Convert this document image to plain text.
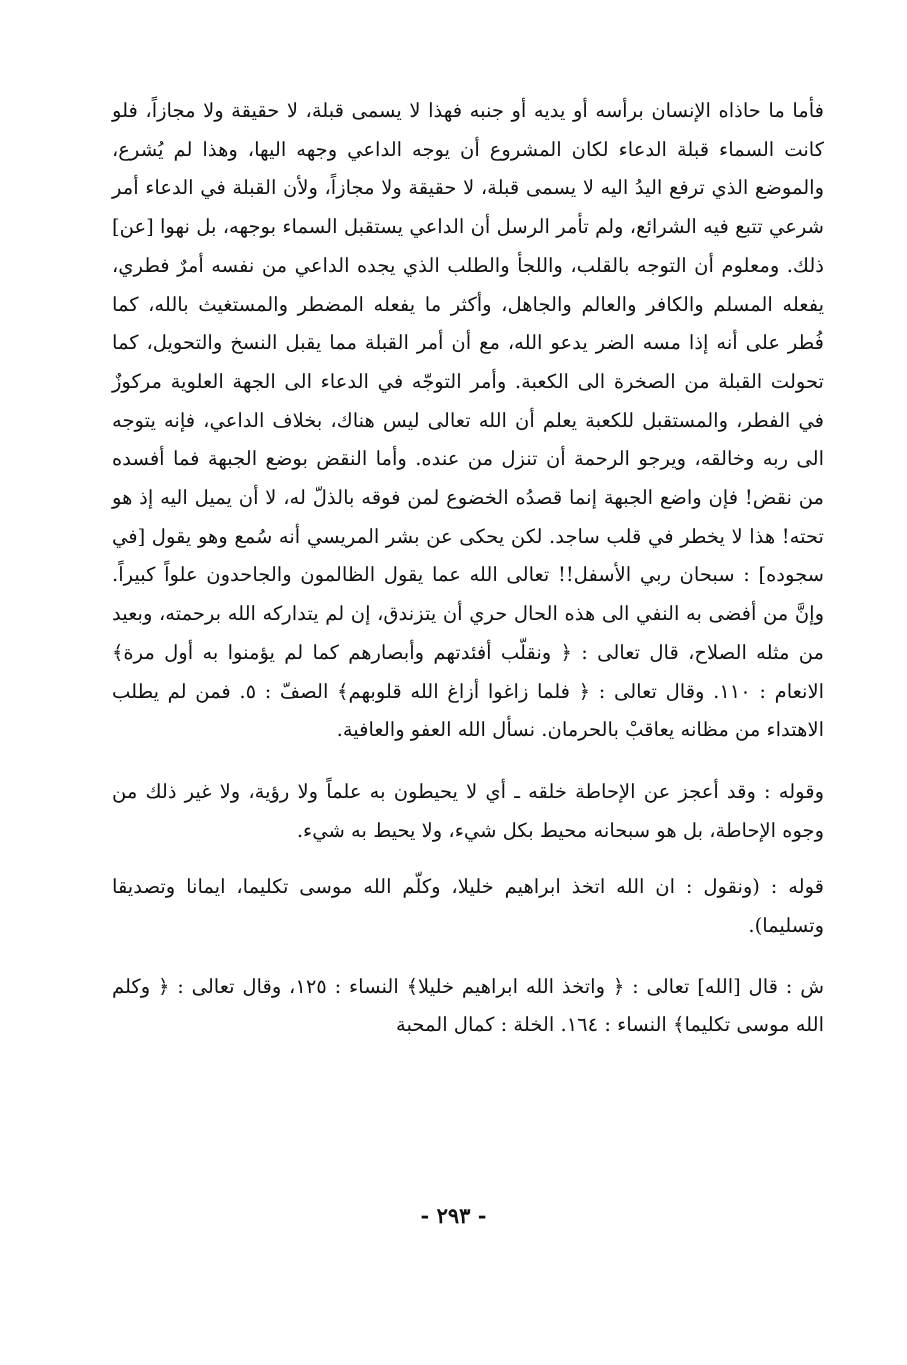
فأما ما حاذاه الإنسان برأسه أو يديه أو جنبه فهذا لا يسمى قبلة، لا حقيقة ولا مجازاً، فلو كانت السماء قبلة الدعاء لكان المشروع أن يوجه الداعي وجهه اليها، وهذا لم يُشرع، والموضع الذي ترفع اليدُ اليه لا يسمى قبلة، لا حقيقة ولا مجازاً، ولأن القبلة في الدعاء أمر شرعي تتبع فيه الشرائع، ولم تأمر الرسل أن الداعي يستقبل السماء بوجهه، بل نهوا [عن] ذلك. ومعلوم أن التوجه بالقلب، واللجأ والطلب الذي يجده الداعي من نفسه أمرٌ فطري، يفعله المسلم والكافر والعالم والجاهل، وأكثر ما يفعله المضطر والمستغيث بالله، كما فُطر على أنه إذا مسه الضر يدعو الله، مع أن أمر القبلة مما يقبل النسخ والتحويل، كما تحولت القبلة من الصخرة الى الكعبة. وأمر التوجّه في الدعاء الى الجهة العلوية مركوزٌ في الفطر، والمستقبل للكعبة يعلم أن الله تعالى ليس هناك، بخلاف الداعي، فإنه يتوجه الى ربه وخالقه، ويرجو الرحمة أن تنزل من عنده. وأما النقض بوضع الجبهة فما أفسده من نقض! فإن واضع الجبهة إنما قصدُه الخضوع لمن فوقه بالذلّ له، لا أن يميل اليه إذ هو تحته! هذا لا يخطر في قلب ساجد. لكن يحكى عن بشر المريسي أنه سُمع وهو يقول [في سجوده] : سبحان ربي الأسفل!! تعالى الله عما يقول الظالمون والجاحدون علواً كبيراً. وإنَّ من أفضى به النفي الى هذه الحال حري أن يتزندق، إن لم يتداركه الله برحمته، وبعيد من مثله الصلاح، قال تعالى : ﴿ ونقلّب أفئدتهم وأبصارهم كما لم يؤمنوا به أول مرة﴾ الانعام : ١١٠. وقال تعالى : ﴿ فلما زاغوا أزاغ الله قلوبهم﴾ الصفّ : ٥. فمن لم يطلب الاهتداء من مظانه يعاقبْ بالحرمان. نسأل الله العفو والعافية.

وقوله : وقد أعجز عن الإحاطة خلقه ـ أي لا يحيطون به علماً ولا رؤية، ولا غير ذلك من وجوه الإحاطة، بل هو سبحانه محيط بكل شيء، ولا يحيط به شيء.

قوله : (ونقول : ان الله اتخذ ابراهيم خليلا، وكلّم الله موسى تكليما، ايمانا وتصديقا وتسليما).

ش : قال [الله] تعالى : ﴿ واتخذ الله ابراهيم خليلا﴾ النساء : ١٢٥، وقال تعالى : ﴿ وكلم الله موسى تكليما﴾ النساء : ١٦٤. الخلة : كمال المحبة

- ٢٩٣ -
